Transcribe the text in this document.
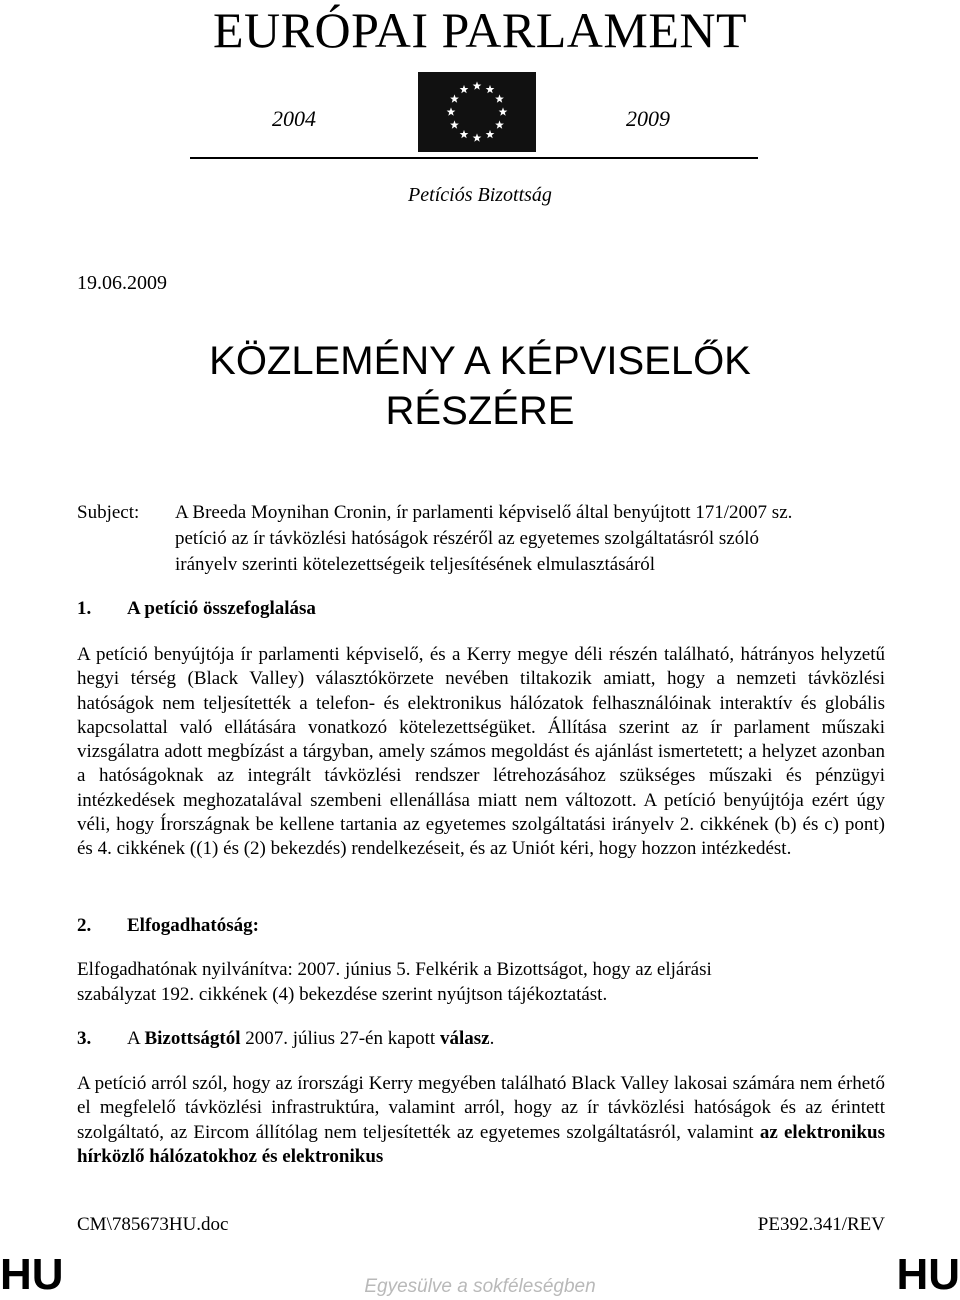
EURÓPAI PARLAMENT
2004	2009
Petíciós Bizottság
19.06.2009
KÖZLEMÉNY A KÉPVISELŐK
RÉSZÉRE
Subject: A Breeda Moynihan Cronin, ír parlamenti képviselő által benyújtott 171/2007 sz.
petíció az ír távközlési hatóságok részéről az egyetemes szolgáltatásról szóló
irányelv szerinti kötelezettségeik teljesítésének elmulasztásáról
1. A petíció összefoglalása
A petíció benyújtója ír parlamenti képviselő, és a Kerry megye déli részén található, hátrányos helyzetű hegyi térség (Black Valley) választókörzete nevében tiltakozik amiatt, hogy a nemzeti távközlési hatóságok nem teljesítették a telefon- és elektronikus hálózatok felhasználóinak interaktív és globális kapcsolattal való ellátására vonatkozó kötelezettségüket. Állítása szerint az ír parlament műszaki vizsgálatra adott megbízást a tárgyban, amely számos megoldást és ajánlást ismertetett; a helyzet azonban a hatóságoknak az integrált távközlési rendszer létrehozásához szükséges műszaki és pénzügyi intézkedések meghozatalával szembeni ellenállása miatt nem változott. A petíció benyújtója ezért úgy véli, hogy Írországnak be kellene tartania az egyetemes szolgáltatási irányelv 2. cikkének (b) és c) pont) és 4. cikkének ((1) és (2) bekezdés) rendelkezéseit, és az Uniót kéri, hogy hozzon intézkedést.
2. Elfogadhatóság:
Elfogadhatónak nyilvánítva: 2007. június 5. Felkérik a Bizottságot, hogy az eljárási
szabályzat 192. cikkének (4) bekezdése szerint nyújtson tájékoztatást.
3. A Bizottságtól 2007. július 27-én kapott válasz.
A petíció arról szól, hogy az írországi Kerry megyében található Black Valley lakosai számára nem érhető el megfelelő távközlési infrastruktúra, valamint arról, hogy az ír távközlési hatóságok és az érintett szolgáltató, az Eircom állítólag nem teljesítették az egyetemes szolgáltatásról, valamint az elektronikus hírközlő hálózatokhoz és elektronikus
CM\785673HU.doc	PE392.341/REV
HU	Egyesülve a sokféleségben	HU
